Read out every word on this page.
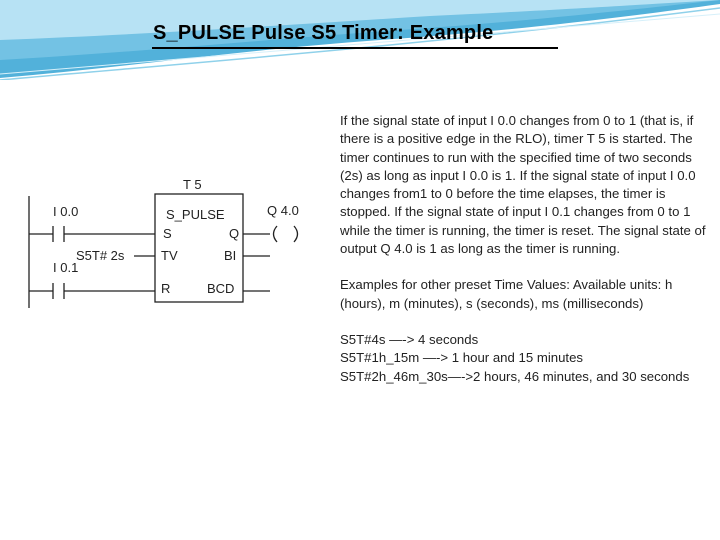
S_PULSE Pulse S5 Timer: Example
I 0.0
S5T# 2s
I 0.1
T 5
S_PULSE
S	Q
TV	BI
R	BCD
Q 4.0

If the signal state of input I 0.0 changes from 0 to 1 (that is, if there is a positive edge in the RLO), timer T 5 is started. The timer continues to run with the specified time of two seconds (2s) as long as input I 0.0 is 1. If the signal state of input I 0.0 changes from1 to 0 before the time elapses, the timer is stopped. If the signal state of input I 0.1 changes from 0 to 1 while the timer is running, the timer is reset. The signal state of output Q 4.0 is 1 as long as the timer is running.

Examples for other preset Time Values: Available units: h (hours), m (minutes), s (seconds), ms (milliseconds)

S5T#4s —-> 4 seconds
S5T#1h_15m —-> 1 hour and 15 minutes
S5T#2h_46m_30s—->2 hours, 46 minutes, and 30 seconds
